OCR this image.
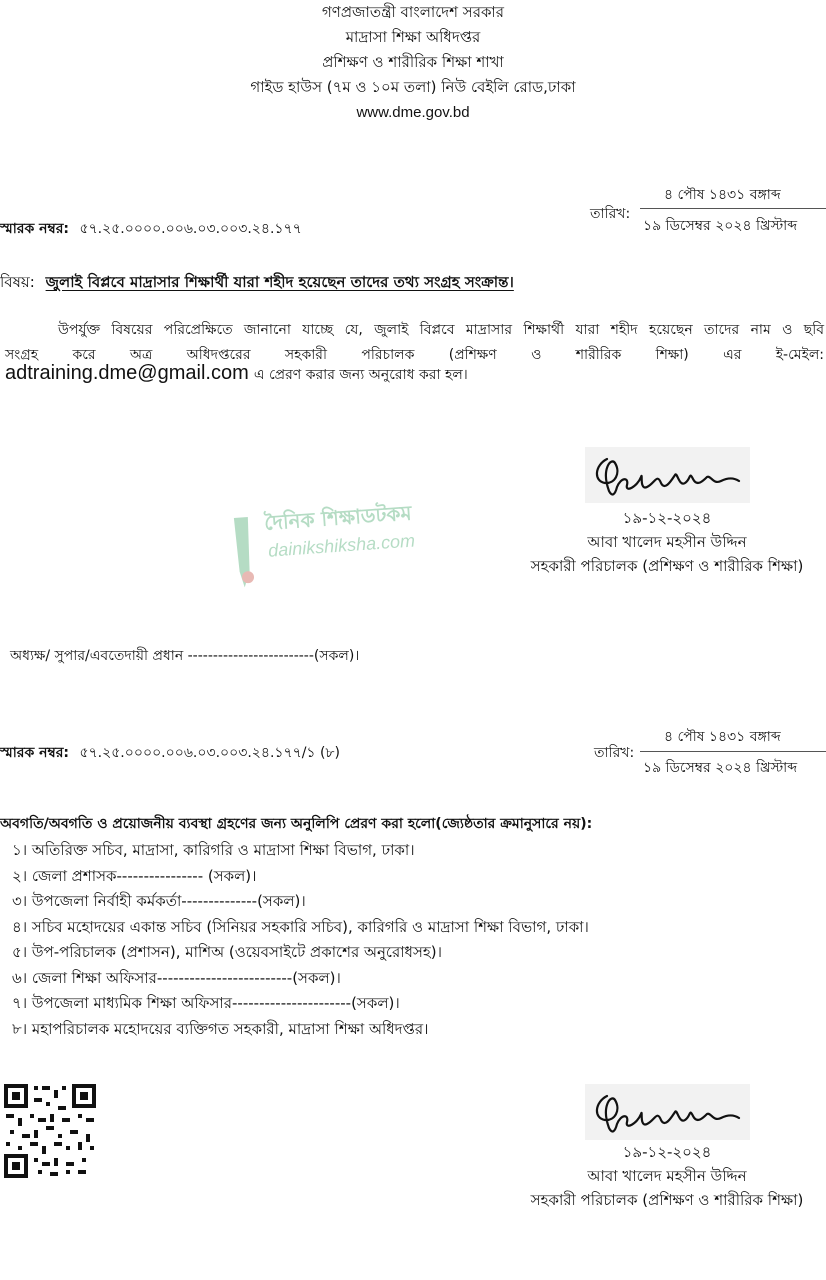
গণপ্রজাতন্ত্রী বাংলাদেশ সরকার
মাদ্রাসা শিক্ষা অধিদপ্তর
প্রশিক্ষণ ও শারীরিক শিক্ষা শাখা
গাইড হাউস (৭ম ও ১০ম তলা) নিউ বেইলি রোড,ঢাকা
www.dme.gov.bd
স্মারক নম্বর: ৫৭.২৫.০০০০.০০৬.০৩.০০৩.২৪.১৭৭
তারিখ:
৪ পৌষ ১৪৩১ বঙ্গাব্দ
১৯ ডিসেম্বর ২০২৪ খ্রিস্টাব্দ
বিষয়: জুলাই বিপ্লবে মাদ্রাসার শিক্ষার্থী যারা শহীদ হয়েছেন তাদের তথ্য সংগ্রহ সংক্রান্ত।
উপর্যুক্ত বিষয়ের পরিপ্রেক্ষিতে জানানো যাচ্ছে যে, জুলাই বিপ্লবে মাদ্রাসার শিক্ষার্থী যারা শহীদ হয়েছেন তাদের নাম ও ছবি
সংগ্রহ করে অত্র অধিদপ্তরের সহকারী পরিচালক (প্রশিক্ষণ ও শারীরিক শিক্ষা) এর ই-মেইল:
adtraining.dme@gmail.com এ প্রেরণ করার জন্য অনুরোধ করা হল।
১৯-১২-২০২৪
আবা খালেদ মহসীন উদ্দিন
সহকারী পরিচালক (প্রশিক্ষণ ও শারীরিক শিক্ষা)
দৈনিক শিক্ষাডটকম
dainikshiksha.com
অধ্যক্ষ/ সুপার/এবতেদায়ী প্রধান -------------------------(সকল)।
স্মারক নম্বর: ৫৭.২৫.০০০০.০০৬.০৩.০০৩.২৪.১৭৭/১ (৮)	তারিখ:
৪ পৌষ ১৪৩১ বঙ্গাব্দ
১৯ ডিসেম্বর ২০২৪ খ্রিস্টাব্দ
অবগতি/অবগতি ও প্রয়োজনীয় ব্যবস্থা গ্রহণের জন্য অনুলিপি প্রেরণ করা হলো(জ্যেষ্ঠতার ক্রমানুসারে নয়):
১। অতিরিক্ত সচিব, মাদ্রাসা, কারিগরি ও মাদ্রাসা শিক্ষা বিভাগ, ঢাকা।
২। জেলা প্রশাসক---------------- (সকল)।
৩। উপজেলা নির্বাহী কর্মকর্তা--------------(সকল)।
৪। সচিব মহোদয়ের একান্ত সচিব (সিনিয়র সহকারি সচিব), কারিগরি ও মাদ্রাসা শিক্ষা বিভাগ, ঢাকা।
৫। উপ-পরিচালক (প্রশাসন), মাশিঅ (ওয়েবসাইটে প্রকাশের অনুরোধসহ)।
৬। জেলা শিক্ষা অফিসার-------------------------(সকল)।
৭। উপজেলা মাধ্যমিক শিক্ষা অফিসার----------------------(সকল)।
৮। মহাপরিচালক মহোদয়ের ব্যক্তিগত সহকারী, মাদ্রাসা শিক্ষা অধিদপ্তর।
১৯-১২-২০২৪
আবা খালেদ মহসীন উদ্দিন
সহকারী পরিচালক (প্রশিক্ষণ ও শারীরিক শিক্ষা)
